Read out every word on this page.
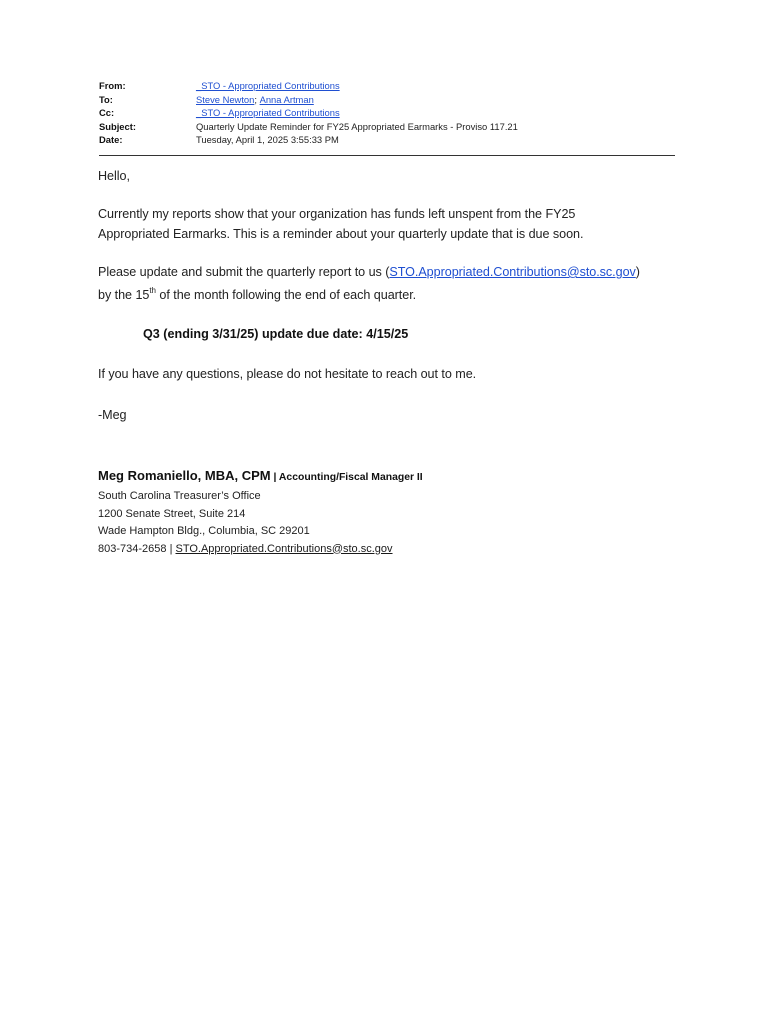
From:	_STO - Appropriated Contributions
To:	Steve Newton; Anna Artman
Cc:	_STO - Appropriated Contributions
Subject:	Quarterly Update Reminder for FY25 Appropriated Earmarks - Proviso 117.21
Date:	Tuesday, April 1, 2025 3:55:33 PM
Hello,
Currently my reports show that your organization has funds left unspent from the FY25
Appropriated Earmarks. This is a reminder about your quarterly update that is due soon.
Please update and submit the quarterly report to us (STO.Appropriated.Contributions@sto.sc.gov)
by the 15th of the month following the end of each quarter.
Q3 (ending 3/31/25) update due date: 4/15/25
If you have any questions, please do not hesitate to reach out to me.
-Meg
Meg Romaniello, MBA, CPM | Accounting/Fiscal Manager II
South Carolina Treasurer’s Office
1200 Senate Street, Suite 214
Wade Hampton Bldg., Columbia, SC 29201
803-734-2658 | STO.Appropriated.Contributions@sto.sc.gov
